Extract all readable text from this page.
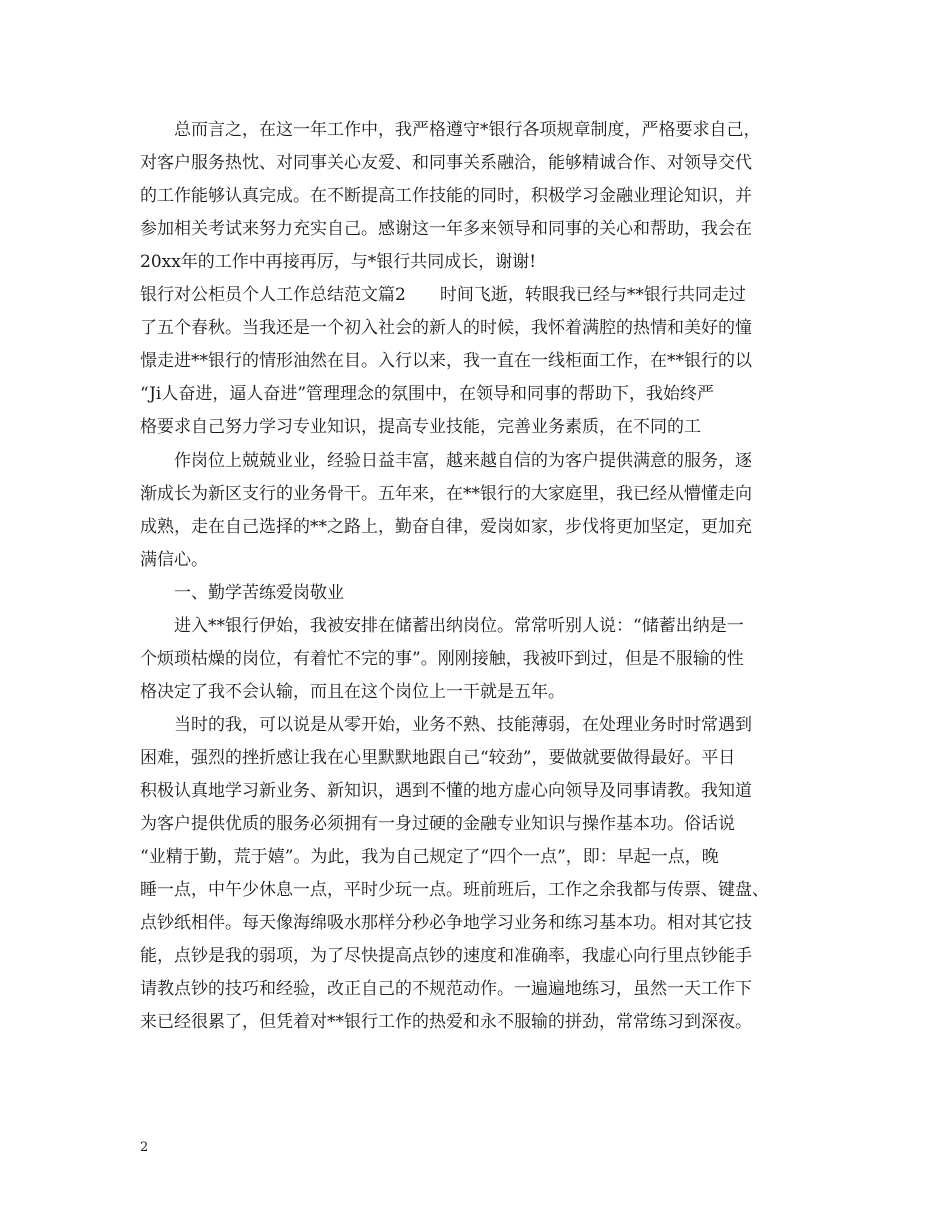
总而言之，在这一年工作中，我严格遵守*银行各项规章制度，严格要求自己，
对客户服务热忱、对同事关心友爱、和同事关系融洽，能够精诚合作、对领导交代
的工作能够认真完成。在不断提高工作技能的同时，积极学习金融业理论知识，并
参加相关考试来努力充实自己。感谢这一年多来领导和同事的关心和帮助，我会在
20xx年的工作中再接再厉，与*银行共同成长，谢谢!
银行对公柜员个人工作总结范文篇2　　时间飞逝，转眼我已经与**银行共同走过
了五个春秋。当我还是一个初入社会的新人的时候，我怀着满腔的热情和美好的憧
憬走进**银行的情形油然在目。入行以来，我一直在一线柜面工作，在**银行的以
“Ji人奋进，逼人奋进”管理理念的氛围中，在领导和同事的帮助下，我始终严
格要求自己努力学习专业知识，提高专业技能，完善业务素质，在不同的工
作岗位上兢兢业业，经验日益丰富，越来越自信的为客户提供满意的服务，逐
渐成长为新区支行的业务骨干。五年来，在**银行的大家庭里，我已经从懵懂走向
成熟，走在自己选择的**之路上，勤奋自律，爱岗如家，步伐将更加坚定，更加充
满信心。
一、勤学苦练爱岗敬业
进入**银行伊始，我被安排在储蓄出纳岗位。常常听别人说：“储蓄出纳是一
个烦琐枯燥的岗位，有着忙不完的事”。刚刚接触，我被吓到过，但是不服输的性
格决定了我不会认输，而且在这个岗位上一干就是五年。
当时的我，可以说是从零开始，业务不熟、技能薄弱，在处理业务时时常遇到
困难，强烈的挫折感让我在心里默默地跟自己“较劲”，要做就要做得最好。平日
积极认真地学习新业务、新知识，遇到不懂的地方虚心向领导及同事请教。我知道
为客户提供优质的服务必须拥有一身过硬的金融专业知识与操作基本功。俗话说
“业精于勤，荒于嬉”。为此，我为自己规定了“四个一点”，即：早起一点，晚
睡一点，中午少休息一点，平时少玩一点。班前班后，工作之余我都与传票、键盘、
点钞纸相伴。每天像海绵吸水那样分秒必争地学习业务和练习基本功。相对其它技
能，点钞是我的弱项，为了尽快提高点钞的速度和准确率，我虚心向行里点钞能手
请教点钞的技巧和经验，改正自己的不规范动作。一遍遍地练习，虽然一天工作下
来已经很累了，但凭着对**银行工作的热爱和永不服输的拼劲，常常练习到深夜。
2
